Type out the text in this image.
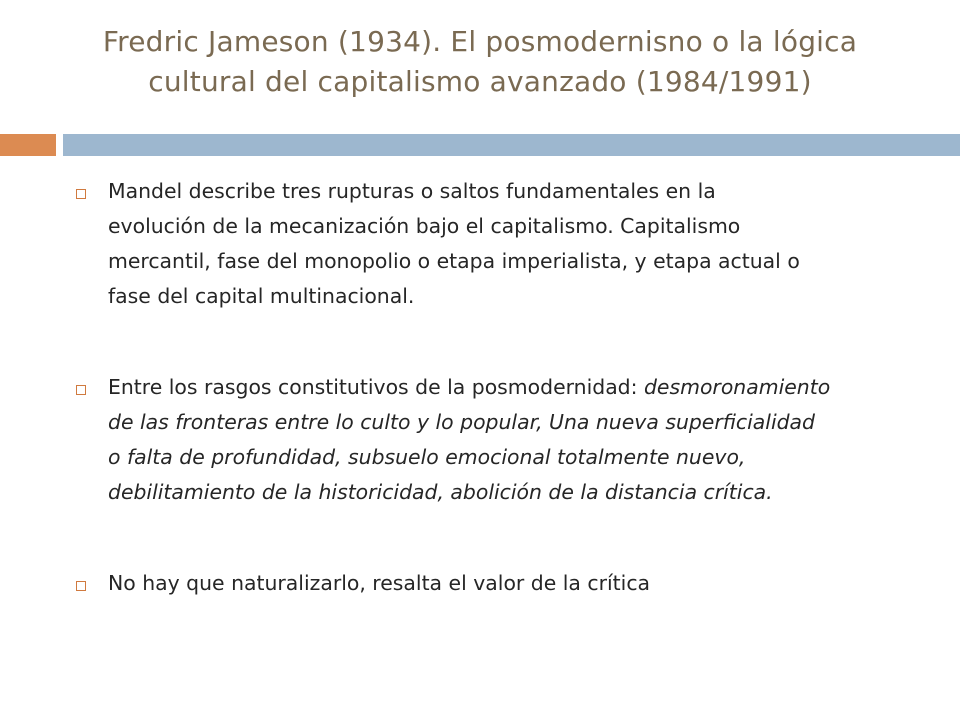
Fredric Jameson (1934). El posmodernisno o la lógica
cultural del capitalismo avanzado (1984/1991)
Mandel describe tres rupturas o saltos fundamentales en la
evolución de la mecanización bajo el capitalismo. Capitalismo
mercantil, fase del monopolio o etapa imperialista, y etapa actual o
fase del capital multinacional.
Entre los rasgos constitutivos de la posmodernidad: desmoronamiento
de las fronteras entre lo culto y lo popular, Una nueva superficialidad
o falta de profundidad, subsuelo emocional totalmente nuevo,
debilitamiento de la historicidad, abolición de la distancia crítica.
No hay que naturalizarlo, resalta el valor de la crítica
